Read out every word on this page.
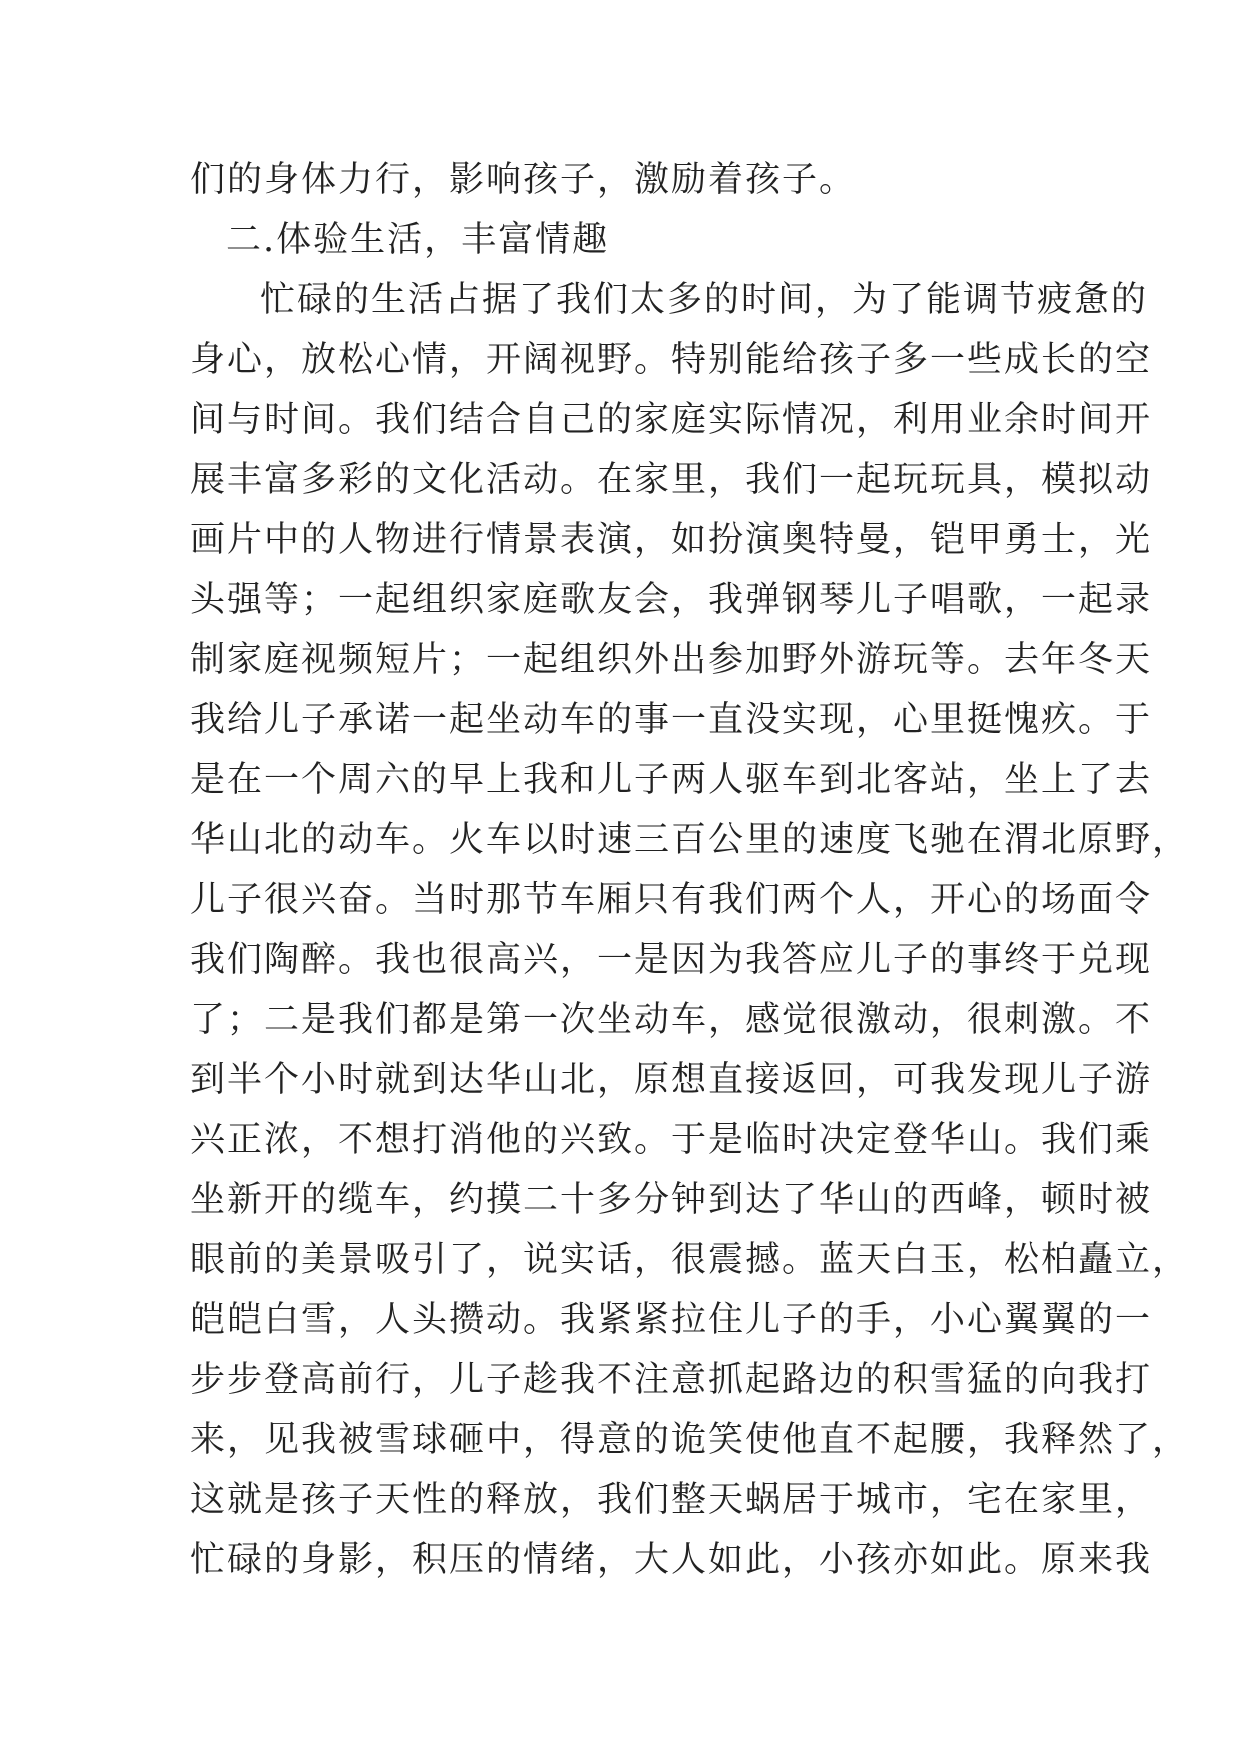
们的身体力行，影响孩子，激励着孩子。
二.体验生活，丰富情趣
忙碌的生活占据了我们太多的时间，为了能调节疲惫的
身心，放松心情，开阔视野。特别能给孩子多一些成长的空
间与时间。我们结合自己的家庭实际情况，利用业余时间开
展丰富多彩的文化活动。在家里，我们一起玩玩具，模拟动
画片中的人物进行情景表演，如扮演奥特曼，铠甲勇士，光
头强等；一起组织家庭歌友会，我弹钢琴儿子唱歌，一起录
制家庭视频短片；一起组织外出参加野外游玩等。去年冬天
我给儿子承诺一起坐动车的事一直没实现，心里挺愧疚。于
是在一个周六的早上我和儿子两人驱车到北客站，坐上了去
华山北的动车。火车以时速三百公里的速度飞驰在渭北原野，
儿子很兴奋。当时那节车厢只有我们两个人，开心的场面令
我们陶醉。我也很高兴，一是因为我答应儿子的事终于兑现
了；二是我们都是第一次坐动车，感觉很激动，很刺激。不
到半个小时就到达华山北，原想直接返回，可我发现儿子游
兴正浓，不想打消他的兴致。于是临时决定登华山。我们乘
坐新开的缆车，约摸二十多分钟到达了华山的西峰，顿时被
眼前的美景吸引了，说实话，很震撼。蓝天白玉，松柏矗立，
皑皑白雪，人头攒动。我紧紧拉住儿子的手，小心翼翼的一
步步登高前行，儿子趁我不注意抓起路边的积雪猛的向我打
来，见我被雪球砸中，得意的诡笑使他直不起腰，我释然了，
这就是孩子天性的释放，我们整天蜗居于城市，宅在家里，
忙碌的身影，积压的情绪，大人如此，小孩亦如此。原来我
